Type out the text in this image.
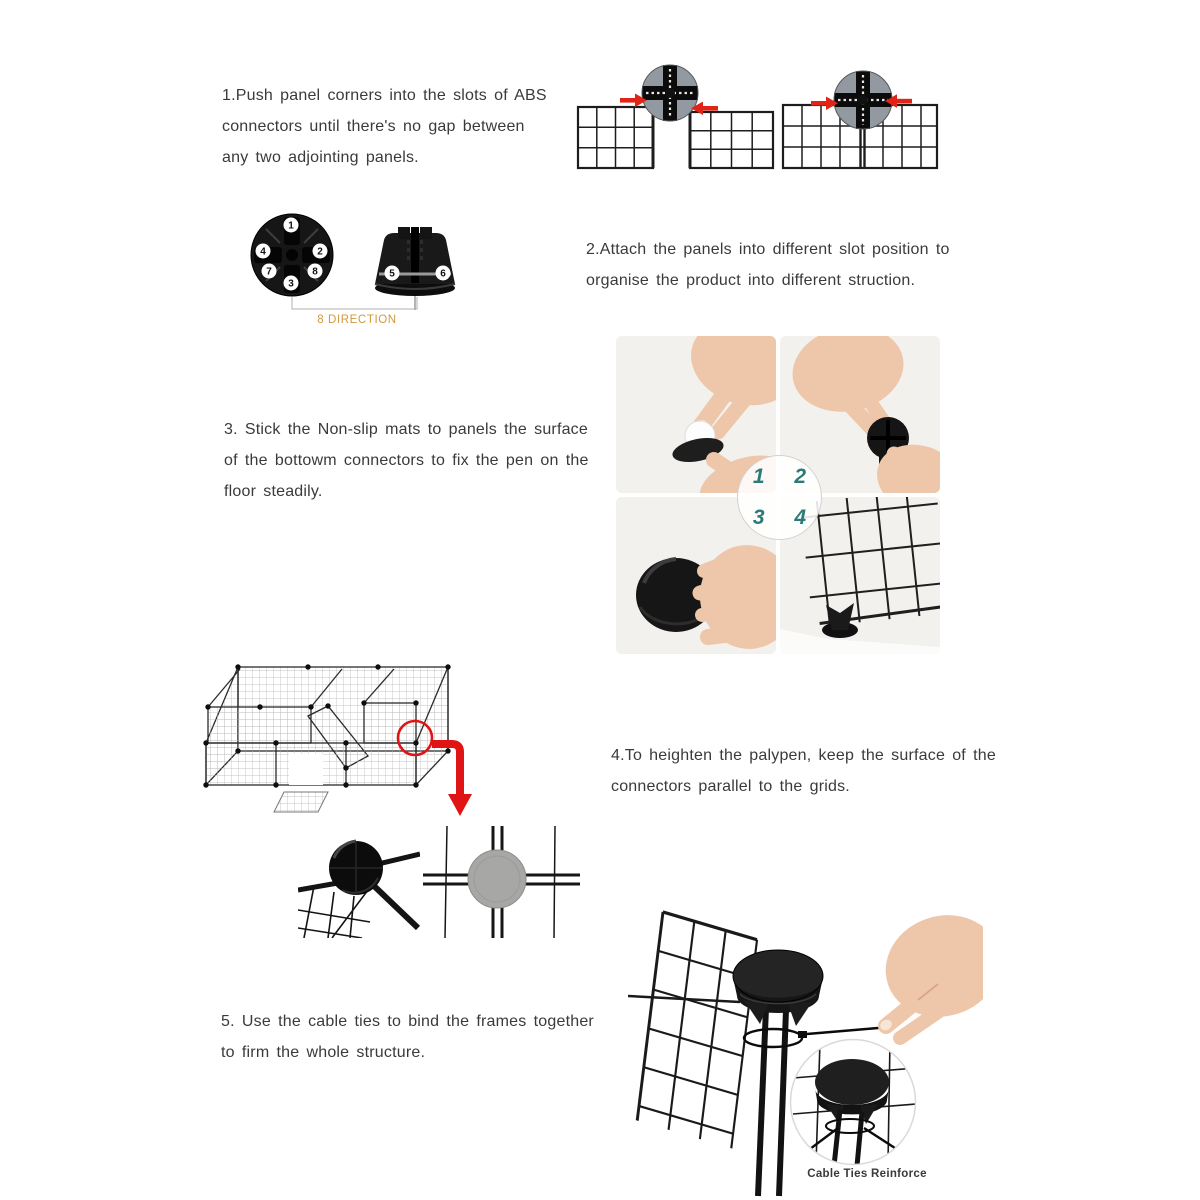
1.Push panel corners into the slots of ABS
connectors until there's no gap between
any two adjointing panels.
1
2
4
7	8
3
5	6
8 DIRECTION
2.Attach the panels into different slot position to
organise the product into different struction.
1	2
3	4
3. Stick the Non-slip mats to panels the surface
of the bottowm connectors to fix the pen on the
floor steadily.
4.To heighten the palypen, keep the surface of the
connectors parallel to the grids.
5. Use the cable ties to bind the frames together
to firm the whole structure.
Cable Ties Reinforce
